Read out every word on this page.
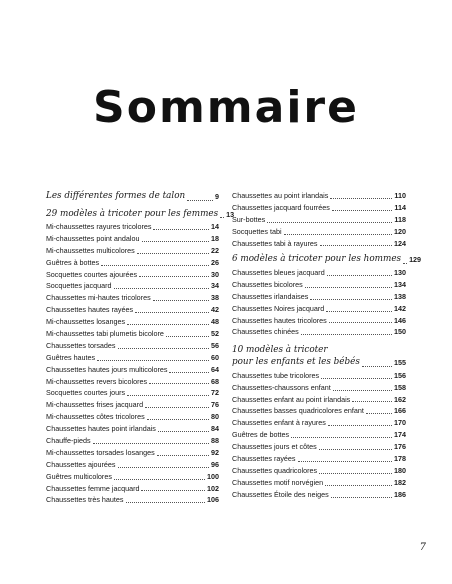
Sommaire
Les différentes formes de talon	9
29 modèles à tricoter pour les femmes 13
Mi-chaussettes rayures tricolores	14
Mi-chaussettes point andalou	18
Mi-chaussettes multicolores	22
Guêtres à bottes	26
Socquettes courtes ajourées	30
Socquettes jacquard	34
Chaussettes mi-hautes tricolores	38
Chaussettes hautes rayées	42
Mi-chaussettes losanges	48
Mi-chaussettes tabi plumetis bicolore	52
Chaussettes torsades	56
Guêtres hautes	60
Chaussettes hautes jours multicolores	64
Mi-chaussettes revers bicolores	68
Socquettes courtes jours	72
Mi-chaussettes frises jacquard	76
Mi-chaussettes côtes tricolores	80
Chaussettes hautes point irlandais	84
Chauffe-pieds	88
Mi-chaussettes torsades losanges	92
Chaussettes ajourées	96
Guêtres multicolores	100
Chaussettes femme jacquard	102
Chaussettes très hautes	106
Chaussettes au point irlandais	110
Chaussettes jacquard fourrées	114
Sur-bottes	118
Socquettes tabi	120
Chaussettes tabi à rayures	124
6 modèles à tricoter pour les hommes 129
Chaussettes bleues jacquard	130
Chaussettes bicolores	134
Chaussettes irlandaises	138
Chaussettes Noires jacquard	142
Chaussettes hautes tricolores	146
Chaussettes chinées	150
10 modèles à tricoter
pour les enfants et les bébés	155
Chaussettes tube tricolores	156
Chaussettes-chaussons enfant	158
Chaussettes enfant au point irlandais	162
Chaussettes basses quadricolores enfant	166
Chaussettes enfant à rayures	170
Guêtres de bottes	174
Chaussettes jours et côtes	176
Chaussettes rayées	178
Chaussettes quadricolores	180
Chaussettes motif norvégien	182
Chaussettes Étoile des neiges	186
7
